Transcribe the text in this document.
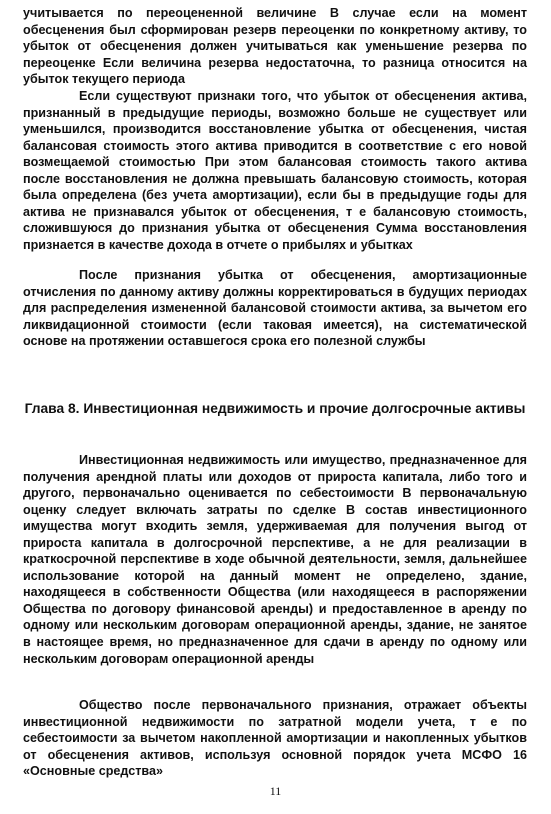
учитывается по переоцененной величине В случае если на момент обесценения был сформирован резерв переоценки по конкретному активу, то убыток от обесценения должен учитываться как уменьшение резерва по переоценке Если величина резерва недостаточна, то разница относится на убыток текущего периода

Если существуют признаки того, что убыток от обесценения актива, признанный в предыдущие периоды, возможно больше не существует или уменьшился, производится восстановление убытка от обесценения, чистая балансовая стоимость этого актива приводится в соответствие с его новой возмещаемой стоимостью При этом балансовая стоимость такого актива после восстановления не должна превышать балансовую стоимость, которая была определена (без учета амортизации), если бы в предыдущие годы для актива не признавался убыток от обесценения, т е балансовую стоимость, сложившуюся до признания убытка от обесценения Сумма восстановления признается в качестве дохода в отчете о прибылях и убытках

После признания убытка от обесценения, амортизационные отчисления по данному активу должны корректироваться в будущих периодах для распределения измененной балансовой стоимости актива, за вычетом его ликвидационной стоимости (если таковая имеется), на систематической основе на протяжении оставшегося срока его полезной службы

Глава 8. Инвестиционная недвижимость и прочие долгосрочные активы

Инвестиционная недвижимость или имущество, предназначенное для получения арендной платы или доходов от прироста капитала, либо того и другого, первоначально оценивается по себестоимости В первоначальную оценку следует включать затраты по сделке В состав инвестиционного имущества могут входить земля, удерживаемая для получения выгод от прироста капитала в долгосрочной перспективе, а не для реализации в краткосрочной перспективе в ходе обычной деятельности, земля, дальнейшее использование которой на данный момент не определено, здание, находящееся в собственности Общества (или находящееся в распоряжении Общества по договору финансовой аренды) и предоставленное в аренду по одному или нескольким договорам операционной аренды, здание, не занятое в настоящее время, но предназначенное для сдачи в аренду по одному или нескольким договорам операционной аренды

Общество после первоначального признания, отражает объекты инвестиционной недвижимости по затратной модели учета, т е по себестоимости за вычетом накопленной амортизации и накопленных убытков от обесценения активов, используя основной порядок учета МСФО 16 «Основные средства»

11
